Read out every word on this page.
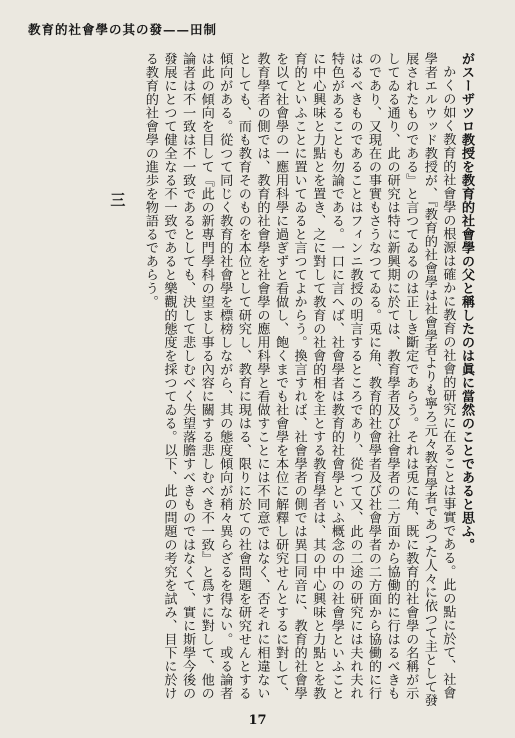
教育的社會學の其の發——田制

がスーザツロ教授を教育的社會學の父と稱したのは眞に當然のことであると思ふ。

かくの如く教育的社會學の根源は確かに教育の社會的研究に在ることは事實である。此の點に於て、社會學者エルウッド教授が、『教育的社會學は社會學者よりも寧ろ元々教育學者であつた人々に依つて主として發展されたものである』と言つてゐるのは正しき斷定であらう。それは兎に角、既に教育的社會學の名稱が示してゐる通り、此の研究は特に新興期に於ては、教育學者及び社會學者の二方面から協働的に行はるべきものであり、又現在の事實もさうなつてゐる。兎に角、教育的社會學者及び社會學者の二方面から協働的に行はるべきものであることはフィンニ教授の明言するところであり、從つて又、此の二途の研究には夫れ夫れ特色があることも勿論である。一口に言へば、社會學者は教育的社會學といふ概念の中の社會學といふことに中心興味と力點とを置き、之に對して教育の社會的相を主とする教育學者は、其の中心興味と力點とを教育的といふことに置いてゐると言つてよからう。換言すれば、社會學者の側では異口同音に、教育的社會學を以て社會學の一應用科學に過ぎずと看做し、飽くまでも社會學を本位に解釋し研究せんとするに對して、教育學者の側では、教育的社會學を社會學の應用科學と看做すことには不同意ではなく、否それに相違ないとしても、而も教育そのものを本位として研究し、教育に現はる、限りに於ての社會問題を研究せんとする傾向がある。從つて同じく教育的社會學を標榜しながら、其の態度傾向が稍々異らざるを得ない。或る論者は此の傾向を目して『此の新專門學科の望まし事る內容に關する悲しむべき不一致』と爲すに對して、他の論者は不一致は不一致であるとしても、決して悲しむべく失望落膽すべきものではなくて、實に斯學今後の發展にとつて健全なる不一致であると樂觀的態度を採つてゐる。以下、此の問題の考究を試み、目下に於ける教育的社會學の進歩を物語るであらう。

三

17
